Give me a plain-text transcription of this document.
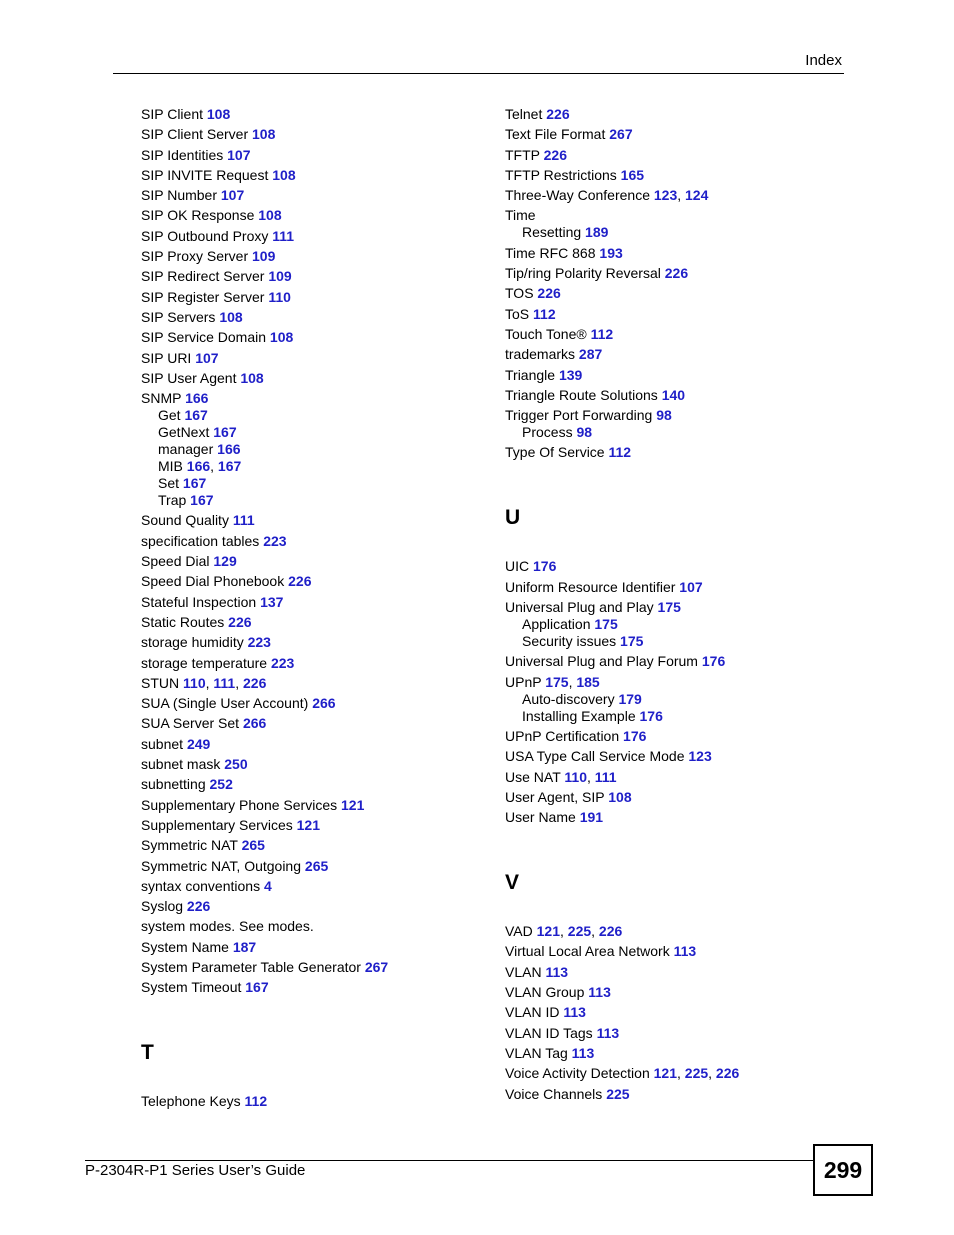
Index
SIP Client 108
SIP Client Server 108
SIP Identities 107
SIP INVITE Request 108
SIP Number 107
SIP OK Response 108
SIP Outbound Proxy 111
SIP Proxy Server 109
SIP Redirect Server 109
SIP Register Server 110
SIP Servers 108
SIP Service Domain 108
SIP URI 107
SIP User Agent 108
SNMP 166
Get 167
GetNext 167
manager 166
MIB 166, 167
Set 167
Trap 167
Sound Quality 111
specification tables 223
Speed Dial 129
Speed Dial Phonebook 226
Stateful Inspection 137
Static Routes 226
storage humidity 223
storage temperature 223
STUN 110, 111, 226
SUA (Single User Account) 266
SUA Server Set 266
subnet 249
subnet mask 250
subnetting 252
Supplementary Phone Services 121
Supplementary Services 121
Symmetric NAT 265
Symmetric NAT, Outgoing 265
syntax conventions 4
Syslog 226
system modes. See modes.
System Name 187
System Parameter Table Generator 267
System Timeout 167
T
Telephone Keys 112
Telnet 226
Text File Format 267
TFTP 226
TFTP Restrictions 165
Three-Way Conference 123, 124
Time
Resetting 189
Time RFC 868 193
Tip/ring Polarity Reversal 226
TOS 226
ToS 112
Touch Tone® 112
trademarks 287
Triangle 139
Triangle Route Solutions 140
Trigger Port Forwarding 98
Process 98
Type Of Service 112
U
UIC 176
Uniform Resource Identifier 107
Universal Plug and Play 175
Application 175
Security issues 175
Universal Plug and Play Forum 176
UPnP 175, 185
Auto-discovery 179
Installing Example 176
UPnP Certification 176
USA Type Call Service Mode 123
Use NAT 110, 111
User Agent, SIP 108
User Name 191
V
VAD 121, 225, 226
Virtual Local Area Network 113
VLAN 113
VLAN Group 113
VLAN ID 113
VLAN ID Tags 113
VLAN Tag 113
Voice Activity Detection 121, 225, 226
Voice Channels 225
P-2304R-P1 Series User’s Guide	299
